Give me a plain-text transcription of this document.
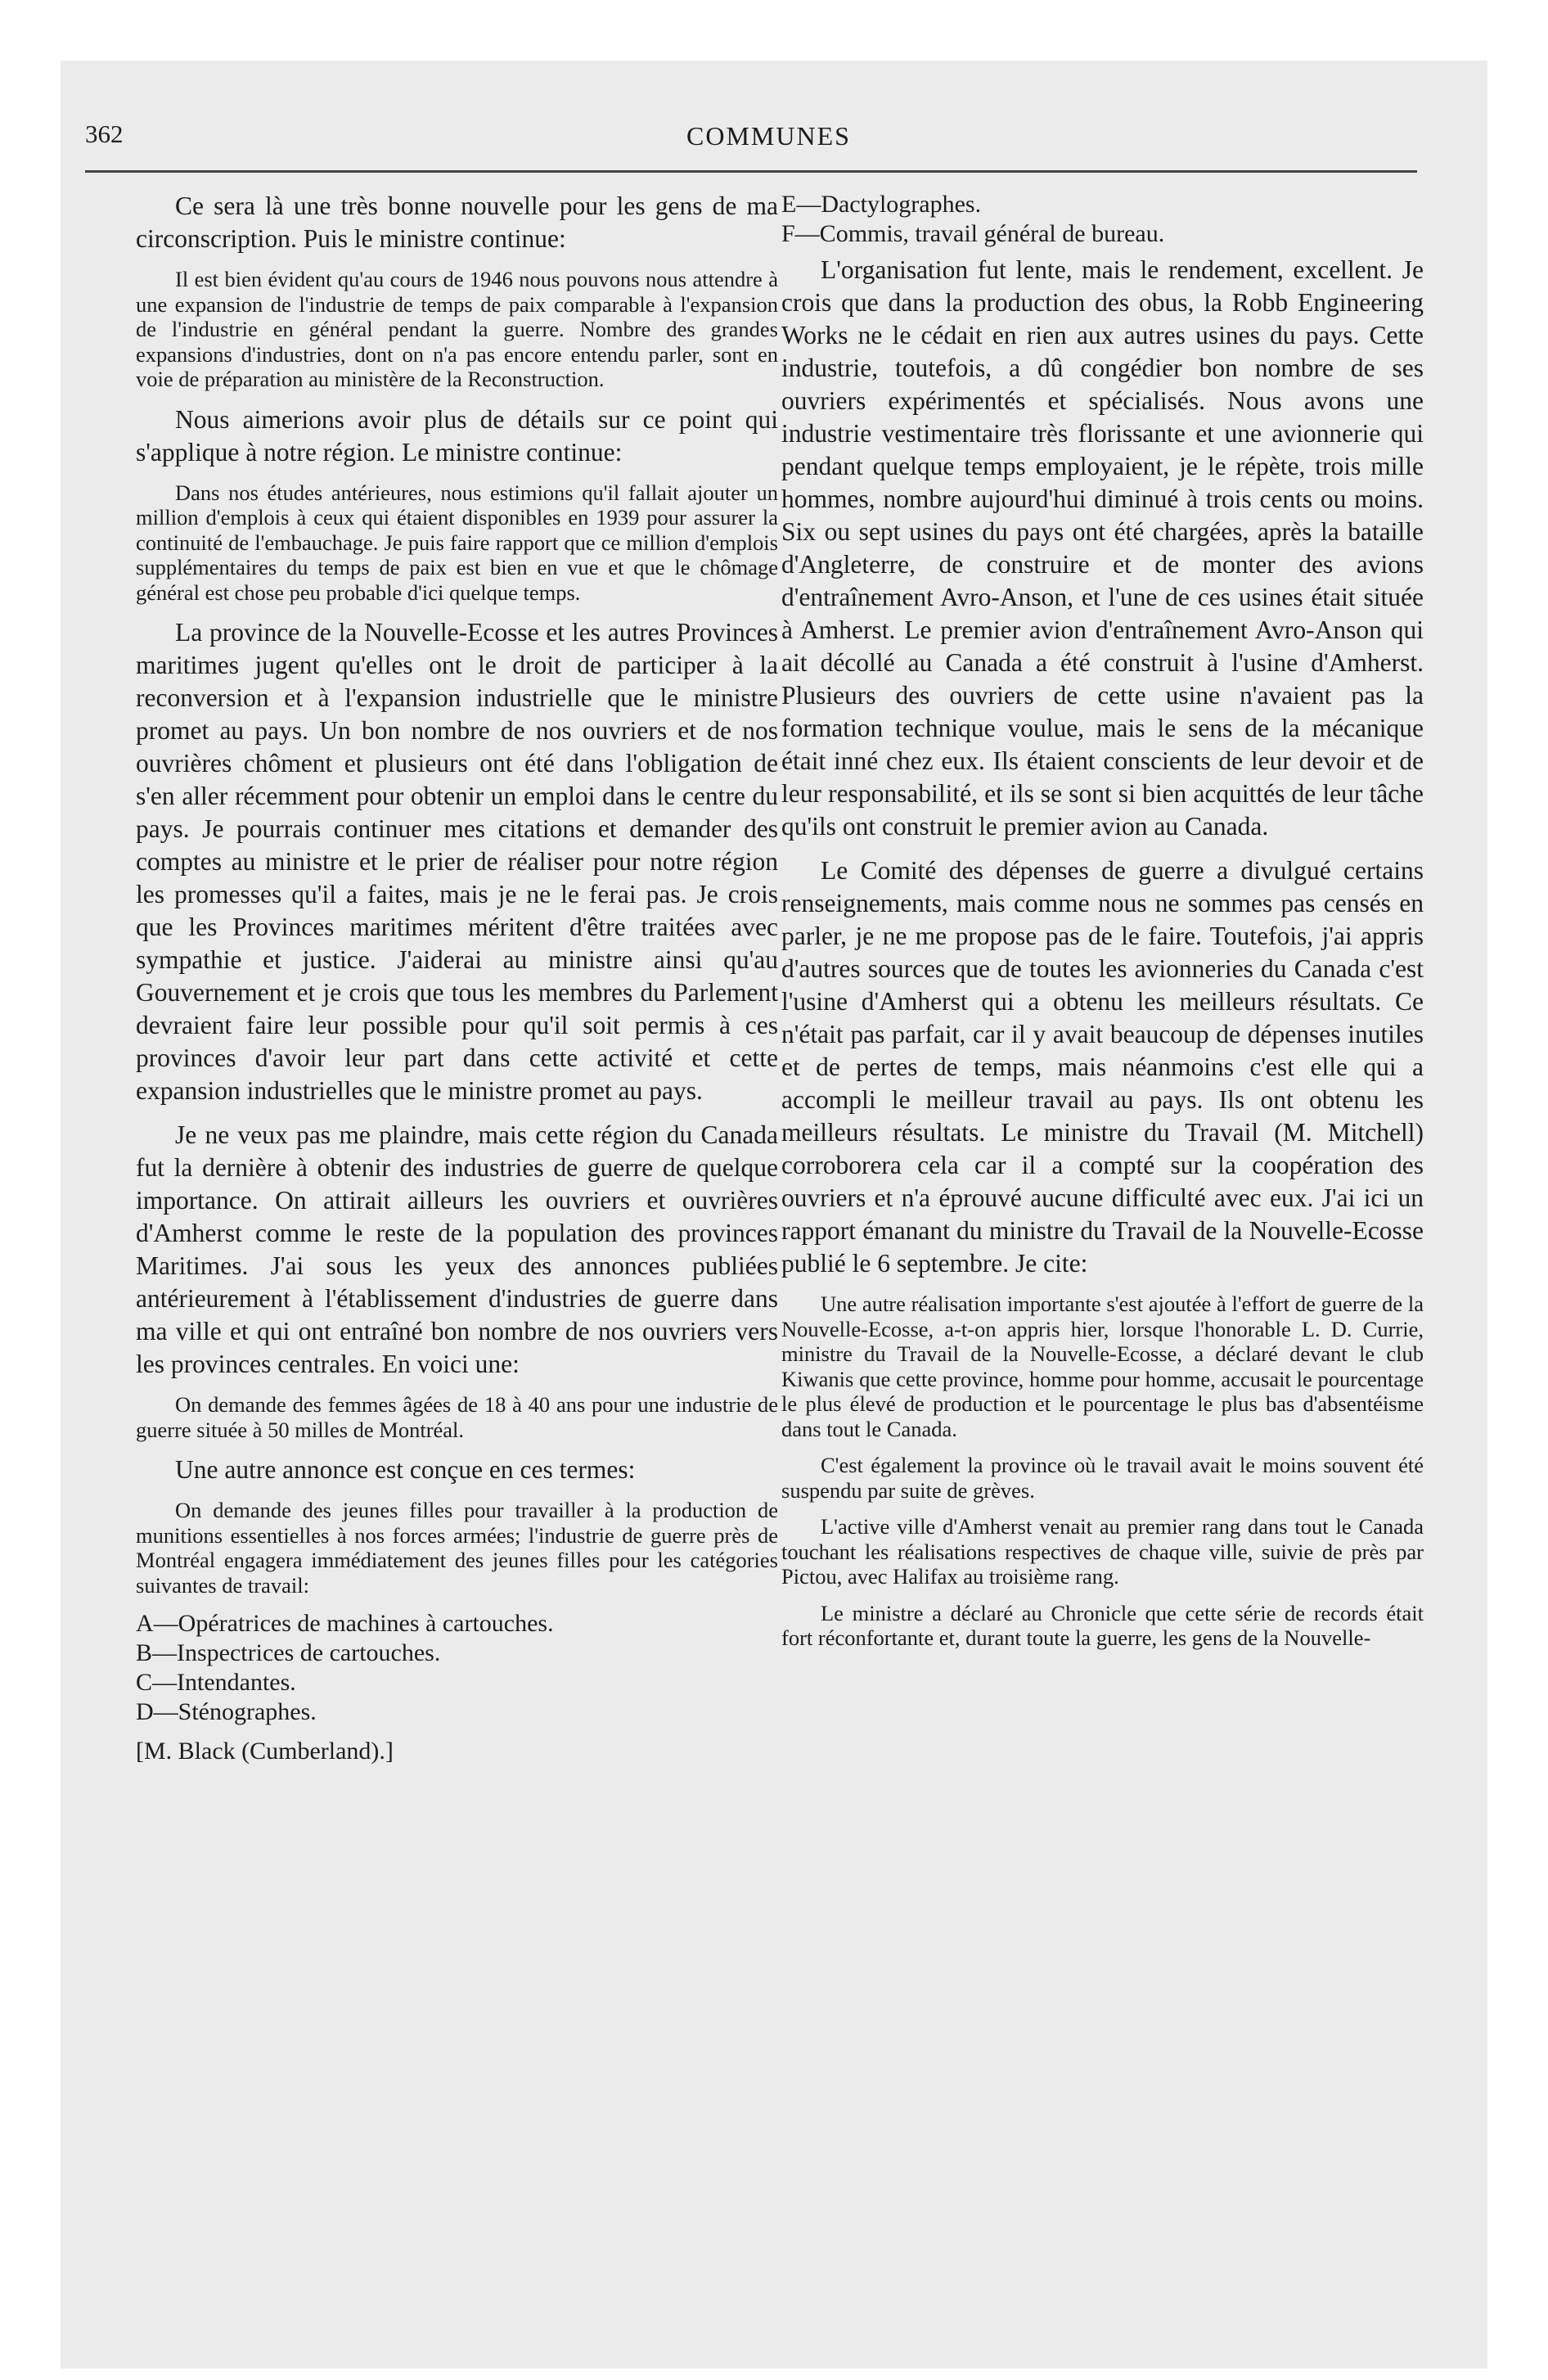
362	COMMUNES

Ce sera là une très bonne nouvelle pour les gens de ma circonscription. Puis le ministre continue:

Il est bien évident qu'au cours de 1946 nous pouvons nous attendre à une expansion de l'industrie de temps de paix comparable à l'expansion de l'industrie en général pendant la guerre. Nombre des grandes expansions d'industries, dont on n'a pas encore entendu parler, sont en voie de préparation au ministère de la Reconstruction.

Nous aimerions avoir plus de détails sur ce point qui s'applique à notre région. Le ministre continue:

Dans nos études antérieures, nous estimions qu'il fallait ajouter un million d'emplois à ceux qui étaient disponibles en 1939 pour assurer la continuité de l'embauchage. Je puis faire rapport que ce million d'emplois supplémentaires du temps de paix est bien en vue et que le chômage général est chose peu probable d'ici quelque temps.

La province de la Nouvelle-Ecosse et les autres Provinces maritimes jugent qu'elles ont le droit de participer à la reconversion et à l'expansion industrielle que le ministre promet au pays. Un bon nombre de nos ouvriers et de nos ouvrières chôment et plusieurs ont été dans l'obligation de s'en aller récemment pour obtenir un emploi dans le centre du pays. Je pourrais continuer mes citations et demander des comptes au ministre et le prier de réaliser pour notre région les promesses qu'il a faites, mais je ne le ferai pas. Je crois que les Provinces maritimes méritent d'être traitées avec sympathie et justice. J'aiderai au ministre ainsi qu'au Gouvernement et je crois que tous les membres du Parlement devraient faire leur possible pour qu'il soit permis à ces provinces d'avoir leur part dans cette activité et cette expansion industrielles que le ministre promet au pays.

Je ne veux pas me plaindre, mais cette région du Canada fut la dernière à obtenir des industries de guerre de quelque importance. On attirait ailleurs les ouvriers et ouvrières d'Amherst comme le reste de la population des provinces Maritimes. J'ai sous les yeux des annonces publiées antérieurement à l'établissement d'industries de guerre dans ma ville et qui ont entraîné bon nombre de nos ouvriers vers les provinces centrales. En voici une:

On demande des femmes âgées de 18 à 40 ans pour une industrie de guerre située à 50 milles de Montréal.

Une autre annonce est conçue en ces termes:

On demande des jeunes filles pour travailler à la production de munitions essentielles à nos forces armées; l'industrie de guerre près de Montréal engagera immédiatement des jeunes filles pour les catégories suivantes de travail:

A—Opératrices de machines à cartouches.

B—Inspectrices de cartouches.

C—Intendantes.

D—Sténographes.

[M. Black (Cumberland).]

E—Dactylographes.

F—Commis, travail général de bureau.

L'organisation fut lente, mais le rendement, excellent. Je crois que dans la production des obus, la Robb Engineering Works ne le cédait en rien aux autres usines du pays. Cette industrie, toutefois, a dû congédier bon nombre de ses ouvriers expérimentés et spécialisés. Nous avons une industrie vestimentaire très florissante et une avionnerie qui pendant quelque temps employaient, je le répète, trois mille hommes, nombre aujourd'hui diminué à trois cents ou moins. Six ou sept usines du pays ont été chargées, après la bataille d'Angleterre, de construire et de monter des avions d'entraînement Avro-Anson, et l'une de ces usines était située à Amherst. Le premier avion d'entraînement Avro-Anson qui ait décollé au Canada a été construit à l'usine d'Amherst. Plusieurs des ouvriers de cette usine n'avaient pas la formation technique voulue, mais le sens de la mécanique était inné chez eux. Ils étaient conscients de leur devoir et de leur responsabilité, et ils se sont si bien acquittés de leur tâche qu'ils ont construit le premier avion au Canada.

Le Comité des dépenses de guerre a divulgué certains renseignements, mais comme nous ne sommes pas censés en parler, je ne me propose pas de le faire. Toutefois, j'ai appris d'autres sources que de toutes les avionneries du Canada c'est l'usine d'Amherst qui a obtenu les meilleurs résultats. Ce n'était pas parfait, car il y avait beaucoup de dépenses inutiles et de pertes de temps, mais néanmoins c'est elle qui a accompli le meilleur travail au pays. Ils ont obtenu les meilleurs résultats. Le ministre du Travail (M. Mitchell) corroborera cela car il a compté sur la coopération des ouvriers et n'a éprouvé aucune difficulté avec eux. J'ai ici un rapport émanant du ministre du Travail de la Nouvelle-Ecosse publié le 6 septembre. Je cite:

Une autre réalisation importante s'est ajoutée à l'effort de guerre de la Nouvelle-Ecosse, a-t-on appris hier, lorsque l'honorable L. D. Currie, ministre du Travail de la Nouvelle-Ecosse, a déclaré devant le club Kiwanis que cette province, homme pour homme, accusait le pourcentage le plus élevé de production et le pourcentage le plus bas d'absentéisme dans tout le Canada.

C'est également la province où le travail avait le moins souvent été suspendu par suite de grèves.

L'active ville d'Amherst venait au premier rang dans tout le Canada touchant les réalisations respectives de chaque ville, suivie de près par Pictou, avec Halifax au troisième rang.

Le ministre a déclaré au Chronicle que cette série de records était fort réconfortante et, durant toute la guerre, les gens de la Nouvelle-
